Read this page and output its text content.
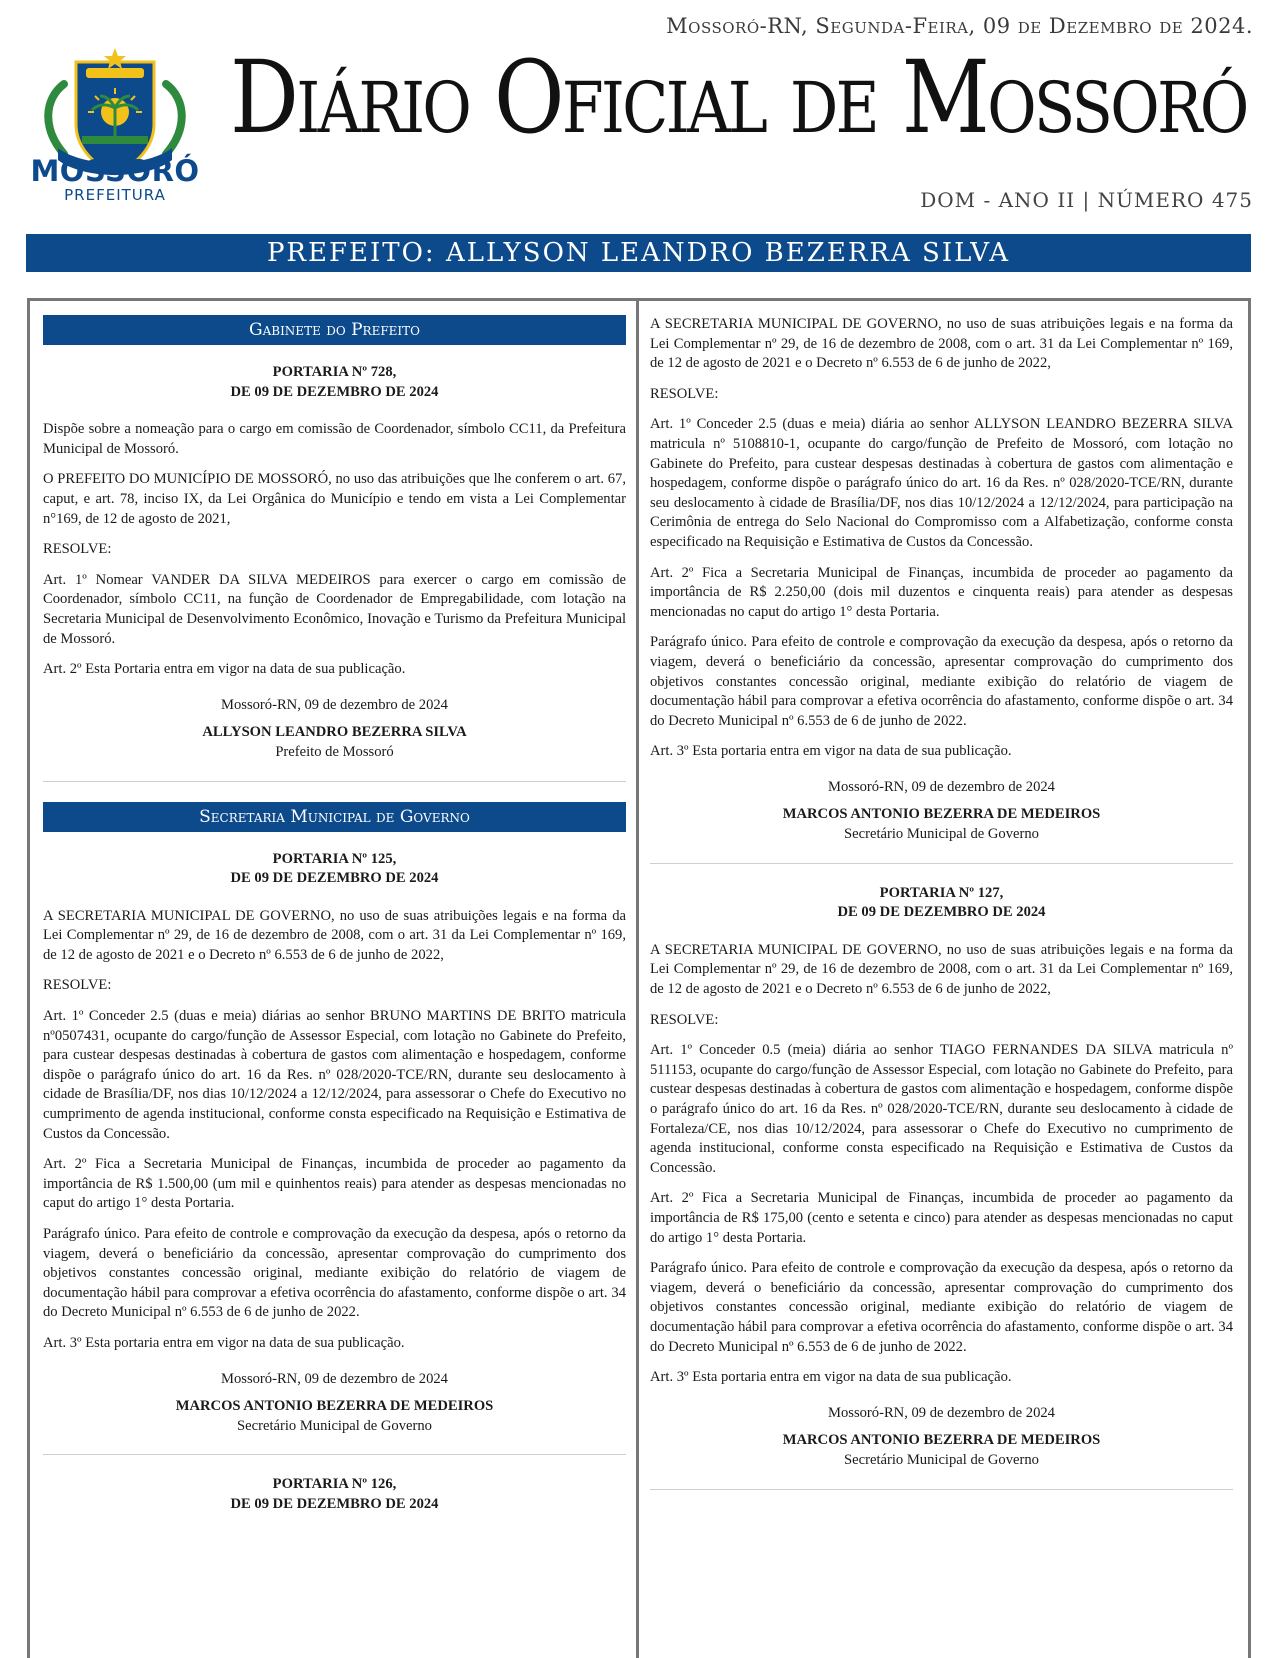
Mossoró-RN, Segunda-Feira, 09 de Dezembro de 2024.
MOSSORÓ
PREFEITURA
Diário Oficial de Mossoró
DOM - ANO II | NÚMERO 475
PREFEITO: ALLYSON LEANDRO BEZERRA SILVA
Gabinete do Prefeito
PORTARIA Nº 728,
DE 09 DE DEZEMBRO DE 2024

Dispõe sobre a nomeação para o cargo em comissão de Coordenador, símbolo CC11, da Prefeitura Municipal de Mossoró.

O PREFEITO DO MUNICÍPIO DE MOSSORÓ, no uso das atribuições que lhe conferem o art. 67, caput, e art. 78, inciso IX, da Lei Orgânica do Município e tendo em vista a Lei Complementar n°169, de 12 de agosto de 2021,

RESOLVE:

Art. 1º Nomear VANDER DA SILVA MEDEIROS para exercer o cargo em comissão de Coordenador, símbolo CC11, na função de Coordenador de Empregabilidade, com lotação na Secretaria Municipal de Desenvolvimento Econômico, Inovação e Turismo da Prefeitura Municipal de Mossoró.

Art. 2º Esta Portaria entra em vigor na data de sua publicação.

Mossoró-RN, 09 de dezembro de 2024

ALLYSON LEANDRO BEZERRA SILVA

Prefeito de Mossoró

Secretaria Municipal de Governo
PORTARIA Nº 125,
DE 09 DE DEZEMBRO DE 2024

A SECRETARIA MUNICIPAL DE GOVERNO, no uso de suas atribuições legais e na forma da Lei Complementar nº 29, de 16 de dezembro de 2008, com o art. 31 da Lei Complementar nº 169, de 12 de agosto de 2021 e o Decreto nº 6.553 de 6 de junho de 2022,

RESOLVE:

Art. 1º Conceder 2.5 (duas e meia) diárias ao senhor BRUNO MARTINS DE BRITO matricula nº0507431, ocupante do cargo/função de Assessor Especial, com lotação no Gabinete do Prefeito, para custear despesas destinadas à cobertura de gastos com alimentação e hospedagem, conforme dispõe o parágrafo único do art. 16 da Res. nº 028/2020-TCE/RN, durante seu deslocamento à cidade de Brasília/DF, nos dias 10/12/2024 a 12/12/2024, para assessorar o Chefe do Executivo no cumprimento de agenda institucional, conforme consta especificado na Requisição e Estimativa de Custos da Concessão.

Art. 2º Fica a Secretaria Municipal de Finanças, incumbida de proceder ao pagamento da importância de R$ 1.500,00 (um mil e quinhentos reais) para atender as despesas mencionadas no caput do artigo 1° desta Portaria.

Parágrafo único. Para efeito de controle e comprovação da execução da despesa, após o retorno da viagem, deverá o beneficiário da concessão, apresentar comprovação do cumprimento dos objetivos constantes concessão original, mediante exibição do relatório de viagem de documentação hábil para comprovar a efetiva ocorrência do afastamento, conforme dispõe o art. 34 do Decreto Municipal nº 6.553 de 6 de junho de 2022.

Art. 3º Esta portaria entra em vigor na data de sua publicação.

Mossoró-RN, 09 de dezembro de 2024

MARCOS ANTONIO BEZERRA DE MEDEIROS

Secretário Municipal de Governo

PORTARIA Nº 126,
DE 09 DE DEZEMBRO DE 2024

A SECRETARIA MUNICIPAL DE GOVERNO, no uso de suas atribuições legais e na forma da Lei Complementar nº 29, de 16 de dezembro de 2008, com o art. 31 da Lei Complementar nº 169, de 12 de agosto de 2021 e o Decreto nº 6.553 de 6 de junho de 2022,

RESOLVE:

Art. 1º Conceder 2.5 (duas e meia) diária ao senhor ALLYSON LEANDRO BEZERRA SILVA matricula nº 5108810-1, ocupante do cargo/função de Prefeito de Mossoró, com lotação no Gabinete do Prefeito, para custear despesas destinadas à cobertura de gastos com alimentação e hospedagem, conforme dispõe o parágrafo único do art. 16 da Res. nº 028/2020-TCE/RN, durante seu deslocamento à cidade de Brasília/DF, nos dias 10/12/2024 a 12/12/2024, para participação na Cerimônia de entrega do Selo Nacional do Compromisso com a Alfabetização, conforme consta especificado na Requisição e Estimativa de Custos da Concessão.

Art. 2º Fica a Secretaria Municipal de Finanças, incumbida de proceder ao pagamento da importância de R$ 2.250,00 (dois mil duzentos e cinquenta reais) para atender as despesas mencionadas no caput do artigo 1° desta Portaria.

Parágrafo único. Para efeito de controle e comprovação da execução da despesa, após o retorno da viagem, deverá o beneficiário da concessão, apresentar comprovação do cumprimento dos objetivos constantes concessão original, mediante exibição do relatório de viagem de documentação hábil para comprovar a efetiva ocorrência do afastamento, conforme dispõe o art. 34 do Decreto Municipal nº 6.553 de 6 de junho de 2022.

Art. 3º Esta portaria entra em vigor na data de sua publicação.

Mossoró-RN, 09 de dezembro de 2024

MARCOS ANTONIO BEZERRA DE MEDEIROS

Secretário Municipal de Governo

PORTARIA Nº 127,
DE 09 DE DEZEMBRO DE 2024

A SECRETARIA MUNICIPAL DE GOVERNO, no uso de suas atribuições legais e na forma da Lei Complementar nº 29, de 16 de dezembro de 2008, com o art. 31 da Lei Complementar nº 169, de 12 de agosto de 2021 e o Decreto nº 6.553 de 6 de junho de 2022,

RESOLVE:

Art. 1º Conceder 0.5 (meia) diária ao senhor TIAGO FERNANDES DA SILVA matricula nº 511153, ocupante do cargo/função de Assessor Especial, com lotação no Gabinete do Prefeito, para custear despesas destinadas à cobertura de gastos com alimentação e hospedagem, conforme dispõe o parágrafo único do art. 16 da Res. nº 028/2020-TCE/RN, durante seu deslocamento à cidade de Fortaleza/CE, nos dias 10/12/2024, para assessorar o Chefe do Executivo no cumprimento de agenda institucional, conforme consta especificado na Requisição e Estimativa de Custos da Concessão.

Art. 2º Fica a Secretaria Municipal de Finanças, incumbida de proceder ao pagamento da importância de R$ 175,00 (cento e setenta e cinco) para atender as despesas mencionadas no caput do artigo 1° desta Portaria.

Parágrafo único. Para efeito de controle e comprovação da execução da despesa, após o retorno da viagem, deverá o beneficiário da concessão, apresentar comprovação do cumprimento dos objetivos constantes concessão original, mediante exibição do relatório de viagem de documentação hábil para comprovar a efetiva ocorrência do afastamento, conforme dispõe o art. 34 do Decreto Municipal nº 6.553 de 6 de junho de 2022.

Art. 3º Esta portaria entra em vigor na data de sua publicação.

Mossoró-RN, 09 de dezembro de 2024

MARCOS ANTONIO BEZERRA DE MEDEIROS

Secretário Municipal de Governo
